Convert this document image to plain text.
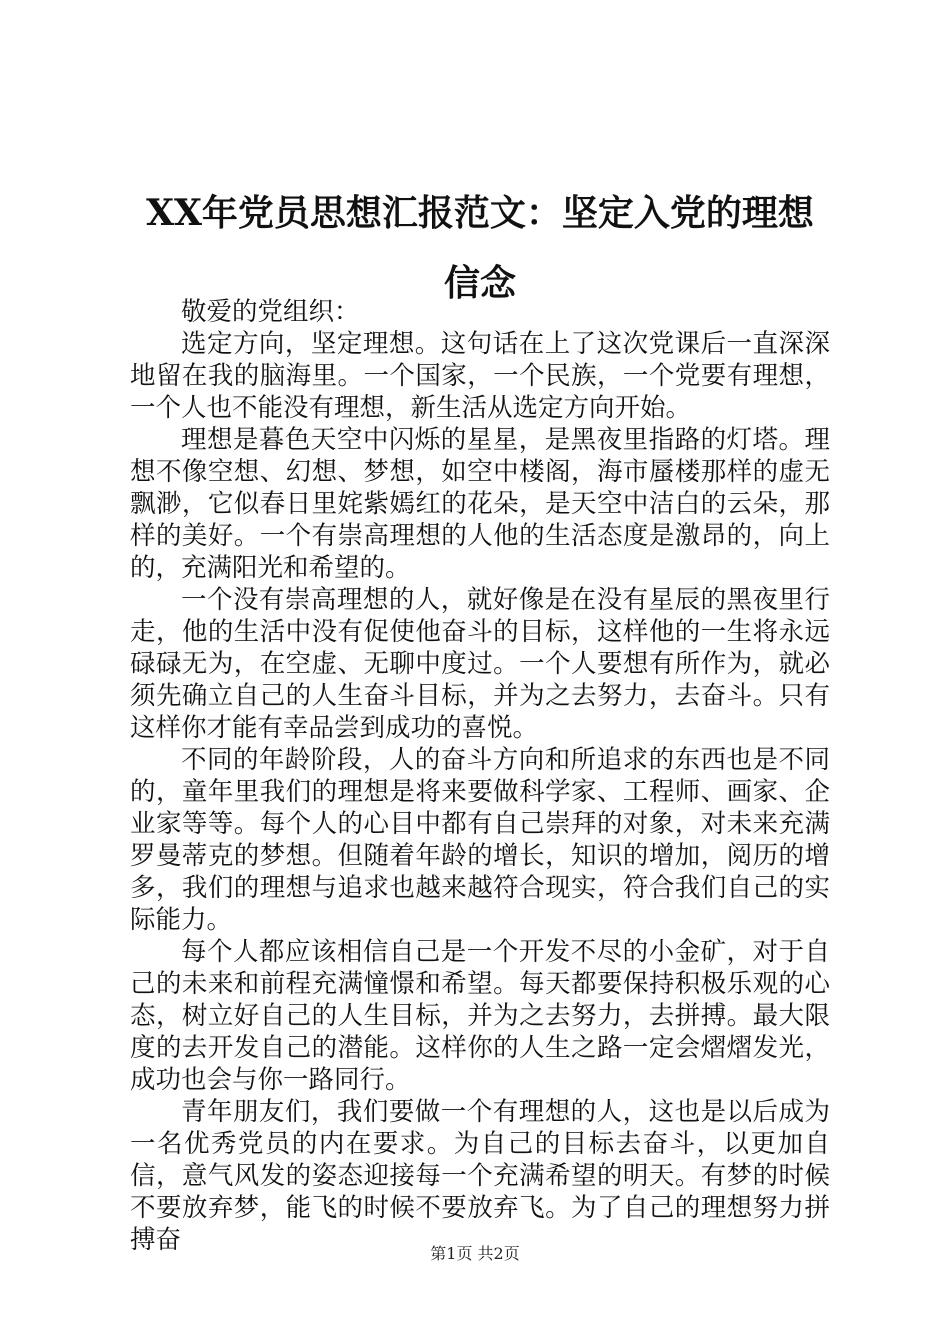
XX年党员思想汇报范文：坚定入党的理想信念

敬爱的党组织：

选定方向，坚定理想。这句话在上了这次党课后一直深深地留在我的脑海里。一个国家，一个民族，一个党要有理想，一个人也不能没有理想，新生活从选定方向开始。

理想是暮色天空中闪烁的星星，是黑夜里指路的灯塔。理想不像空想、幻想、梦想，如空中楼阁，海市蜃楼那样的虚无飘渺，它似春日里姹紫嫣红的花朵，是天空中洁白的云朵，那样的美好。一个有崇高理想的人他的生活态度是激昂的，向上的，充满阳光和希望的。

一个没有崇高理想的人，就好像是在没有星辰的黑夜里行走，他的生活中没有促使他奋斗的目标，这样他的一生将永远碌碌无为，在空虚、无聊中度过。一个人要想有所作为，就必须先确立自己的人生奋斗目标，并为之去努力，去奋斗。只有这样你才能有幸品尝到成功的喜悦。

不同的年龄阶段，人的奋斗方向和所追求的东西也是不同的，童年里我们的理想是将来要做科学家、工程师、画家、企业家等等。每个人的心目中都有自己崇拜的对象，对未来充满罗曼蒂克的梦想。但随着年龄的增长，知识的增加，阅历的增多，我们的理想与追求也越来越符合现实，符合我们自己的实际能力。

每个人都应该相信自己是一个开发不尽的小金矿，对于自己的未来和前程充满憧憬和希望。每天都要保持积极乐观的心态，树立好自己的人生目标，并为之去努力，去拼搏。最大限度的去开发自己的潜能。这样你的人生之路一定会熠熠发光，成功也会与你一路同行。

青年朋友们，我们要做一个有理想的人，这也是以后成为一名优秀党员的内在要求。为自己的目标去奋斗，以更加自信，意气风发的姿态迎接每一个充满希望的明天。有梦的时候不要放弃梦，能飞的时候不要放弃飞。为了自己的理想努力拼搏奋	第1页 共2页
